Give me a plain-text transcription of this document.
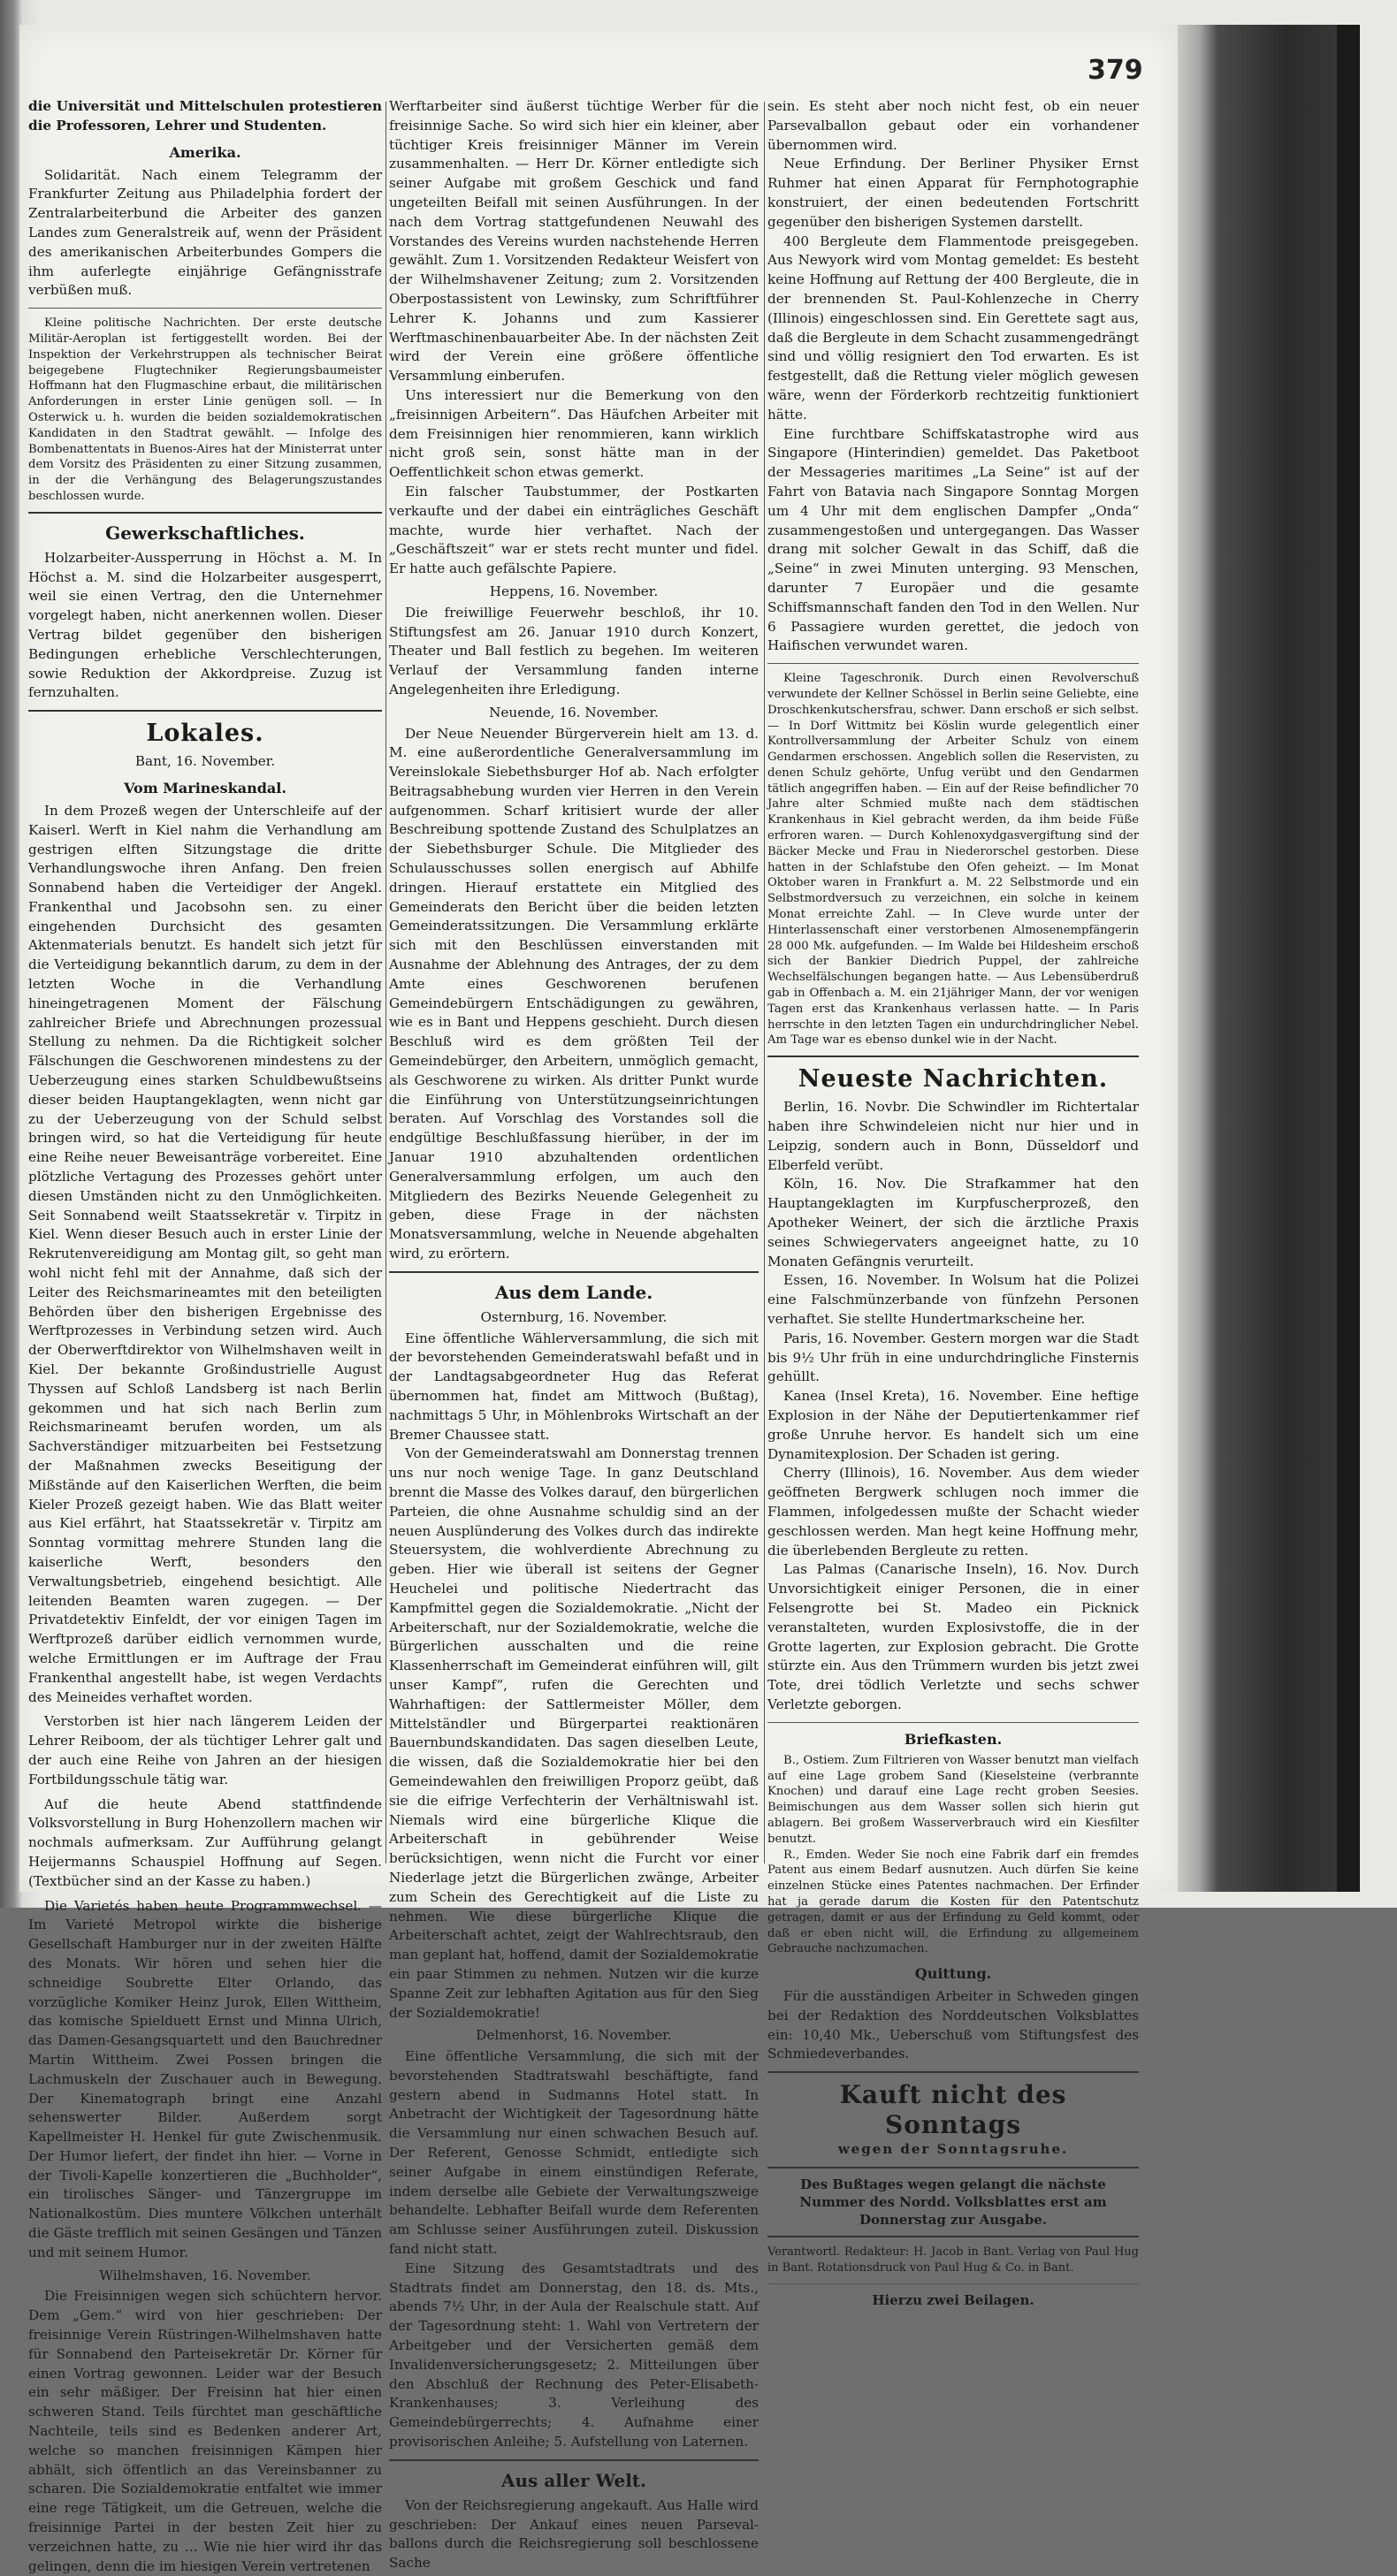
379

die Universität und Mittelschulen protestieren die Professoren, Lehrer und Studenten.

Amerika.

Solidarität. Nach einem Telegramm der Frankfurter Zeitung aus Philadelphia fordert der Zentralarbeiterbund die Arbeiter des ganzen Landes zum Generalstreik auf, wenn der Präsident des amerikanischen Arbeiterbundes Gompers die ihm auferlegte einjährige Gefängnisstrafe verbüßen muß.

Kleine politische Nachrichten. Der erste deutsche Militär-Aeroplan ist fertiggestellt worden. Bei der Inspektion der Verkehrstruppen als technischer Beirat beigegebene Flugtechniker Regierungsbaumeister Hoffmann hat den Flugmaschine erbaut, die militärischen Anforderungen in erster Linie genügen soll. — In Osterwick u. h. wurden die beiden sozialdemokratischen Kandidaten in den Stadtrat gewählt. — Infolge des Bombenattentats in Buenos-Aires hat der Ministerrat unter dem Vorsitz des Präsidenten zu einer Sitzung zusammen, in der die Verhängung des Belagerungszustandes beschlossen wurde.

Gewerkschaftliches.

Holzarbeiter-Aussperrung in Höchst a. M. In Höchst a. M. sind die Holzarbeiter ausgesperrt, weil sie einen Vertrag, den die Unternehmer vorgelegt haben, nicht anerkennen wollen. Dieser Vertrag bildet gegenüber den bisherigen Bedingungen erhebliche Verschlechterungen, sowie Reduktion der Akkordpreise. Zuzug ist fernzuhalten.

Lokales.
Bant, 16. November.
Vom Marineskandal.

In dem Prozeß wegen der Unterschleife auf der Kaiserl. Werft in Kiel nahm die Verhandlung am gestrigen elften Sitzungstage die dritte Verhandlungswoche ihren Anfang. Den freien Sonnabend haben die Verteidiger der Angekl. Frankenthal und Jacobsohn sen. zu einer eingehenden Durchsicht des gesamten Aktenmaterials benutzt. Es handelt sich jetzt für die Verteidigung bekanntlich darum, zu dem in der letzten Woche in die Verhandlung hineingetragenen Moment der Fälschung zahlreicher Briefe und Abrechnungen prozessual Stellung zu nehmen. Da die Richtigkeit solcher Fälschungen die Geschworenen mindestens zu der Ueberzeugung eines starken Schuldbewußtseins dieser beiden Hauptangeklagten, wenn nicht gar zu der Ueberzeugung von der Schuld selbst bringen wird, so hat die Verteidigung für heute eine Reihe neuer Beweisanträge vorbereitet. Eine plötzliche Vertagung des Prozesses gehört unter diesen Umständen nicht zu den Unmöglichkeiten. Seit Sonnabend weilt Staatssekretär v. Tirpitz in Kiel. Wenn dieser Besuch auch in erster Linie der Rekrutenvereidigung am Montag gilt, so geht man wohl nicht fehl mit der Annahme, daß sich der Leiter des Reichsmarineamtes mit den beteiligten Behörden über den bisherigen Ergebnisse des Werftprozesses in Verbindung setzen wird. Auch der Oberwerftdirektor von Wilhelmshaven weilt in Kiel. Der bekannte Großindustrielle August Thyssen auf Schloß Landsberg ist nach Berlin gekommen und hat sich nach Berlin zum Reichsmarineamt berufen worden, um als Sachverständiger mitzuarbeiten bei Festsetzung der Maßnahmen zwecks Beseitigung der Mißstände auf den Kaiserlichen Werften, die beim Kieler Prozeß gezeigt haben. Wie das Blatt weiter aus Kiel erfährt, hat Staatssekretär v. Tirpitz am Sonntag vormittag mehrere Stunden lang die kaiserliche Werft, besonders den Verwaltungsbetrieb, eingehend besichtigt. Alle leitenden Beamten waren zugegen. — Der Privatdetektiv Einfeldt, der vor einigen Tagen im Werftprozeß darüber eidlich vernommen wurde, welche Ermittlungen er im Auftrage der Frau Frankenthal angestellt habe, ist wegen Verdachts des Meineides verhaftet worden.

Verstorben ist hier nach längerem Leiden der Lehrer Reiboom, der als tüchtiger Lehrer galt und der auch eine Reihe von Jahren an der hiesigen Fortbildungsschule tätig war.

Auf die heute Abend stattfindende Volksvorstellung in Burg Hohenzollern machen wir nochmals aufmerksam. Zur Aufführung gelangt Heijermanns Schauspiel Hoffnung auf Segen. (Textbücher sind an der Kasse zu haben.)

Die Varietés haben heute Programmwechsel. — Im Varieté Metropol wirkte die bisherige Gesellschaft Hamburger nur in der zweiten Hälfte des Monats. Wir hören und sehen hier die schneidige Soubrette Elter Orlando, das vorzügliche Komiker Heinz Jurok, Ellen Wittheim, das komische Spielduett Ernst und Minna Ulrich, das Damen-Gesangsquartett und den Bauchredner Martin Wittheim. Zwei Possen bringen die Lachmuskeln der Zuschauer auch in Bewegung. Der Kinematograph bringt eine Anzahl sehenswerter Bilder. Außerdem sorgt Kapellmeister H. Henkel für gute Zwischenmusik. Der Humor liefert, der findet ihn hier. — Vorne in der Tivoli-Kapelle konzertieren die „Buchholder“, ein tirolisches Sänger- und Tänzergruppe im Nationalkostüm. Dies muntere Völkchen unterhält die Gäste trefflich mit seinen Gesängen und Tänzen und mit seinem Humor.

Wilhelmshaven, 16. November.

Die Freisinnigen wegen sich schüchtern hervor. Dem „Gem.“ wird von hier geschrieben: Der freisinnige Verein Rüstringen-Wilhelmshaven hatte für Sonnabend den Parteisekretär Dr. Körner für einen Vortrag gewonnen. Leider war der Besuch ein sehr mäßiger. Der Freisinn hat hier einen schweren Stand. Teils fürchtet man geschäftliche Nachteile, teils sind es Bedenken anderer Art, welche so manchen freisinnigen Kämpen hier abhält, sich öffentlich an das Vereinsbanner zu scharen. Die Sozialdemokratie entfaltet wie immer eine rege Tätigkeit, um die Getreuen, welche die freisinnige Partei in der besten Zeit hier zu verzeichnen hatte, zu ... Wie nie hier wird ihr das gelingen, denn die im hiesigen Verein vertretenen

Werftarbeiter sind äußerst tüchtige Werber für die freisinnige Sache. So wird sich hier ein kleiner, aber tüchtiger Kreis freisinniger Männer im Verein zusammenhalten. — Herr Dr. Körner entledigte sich seiner Aufgabe mit großem Geschick und fand ungeteilten Beifall mit seinen Ausführungen. In der nach dem Vortrag stattgefundenen Neuwahl des Vorstandes des Vereins wurden nachstehende Herren gewählt. Zum 1. Vorsitzenden Redakteur Weisfert von der Wilhelmshavener Zeitung; zum 2. Vorsitzenden Oberpostassistent von Lewinsky, zum Schriftführer Lehrer K. Johanns und zum Kassierer Werftmaschinenbauarbeiter Abe. In der nächsten Zeit wird der Verein eine größere öffentliche Versammlung einberufen.

Uns interessiert nur die Bemerkung von den „freisinnigen Arbeitern“. Das Häufchen Arbeiter mit dem Freisinnigen hier renommieren, kann wirklich nicht groß sein, sonst hätte man in der Oeffentlichkeit schon etwas gemerkt.

Ein falscher Taubstummer, der Postkarten verkaufte und der dabei ein einträgliches Geschäft machte, wurde hier verhaftet. Nach der „Geschäftszeit“ war er stets recht munter und fidel. Er hatte auch gefälschte Papiere.

Heppens, 16. November.

Die freiwillige Feuerwehr beschloß, ihr 10. Stiftungsfest am 26. Januar 1910 durch Konzert, Theater und Ball festlich zu begehen. Im weiteren Verlauf der Versammlung fanden interne Angelegenheiten ihre Erledigung.

Neuende, 16. November.

Der Neue Neuender Bürgerverein hielt am 13. d. M. eine außerordentliche Generalversammlung im Vereinslokale Siebethsburger Hof ab. Nach erfolgter Beitragsabhebung wurden vier Herren in den Verein aufgenommen. Scharf kritisiert wurde der aller Beschreibung spottende Zustand des Schulplatzes an der Siebethsburger Schule. Die Mitglieder des Schulausschusses sollen energisch auf Abhilfe dringen. Hierauf erstattete ein Mitglied des Gemeinderats den Bericht über die beiden letzten Gemeinderatssitzungen. Die Versammlung erklärte sich mit den Beschlüssen einverstanden mit Ausnahme der Ablehnung des Antrages, der zu dem Amte eines Geschworenen berufenen Gemeindebürgern Entschädigungen zu gewähren, wie es in Bant und Heppens geschieht. Durch diesen Beschluß wird es dem größten Teil der Gemeindebürger, den Arbeitern, unmöglich gemacht, als Geschworene zu wirken. Als dritter Punkt wurde die Einführung von Unterstützungseinrichtungen beraten. Auf Vorschlag des Vorstandes soll die endgültige Beschlußfassung hierüber, in der im Januar 1910 abzuhaltenden ordentlichen Generalversammlung erfolgen, um auch den Mitgliedern des Bezirks Neuende Gelegenheit zu geben, diese Frage in der nächsten Monatsversammlung, welche in Neuende abgehalten wird, zu erörtern.

Aus dem Lande.
Osternburg, 16. November.

Eine öffentliche Wählerversammlung, die sich mit der bevorstehenden Gemeinderatswahl befaßt und in der Landtagsabgeordneter Hug das Referat übernommen hat, findet am Mittwoch (Bußtag), nachmittags 5 Uhr, in Möhlenbroks Wirtschaft an der Bremer Chaussee statt.

Von der Gemeinderatswahl am Donnerstag trennen uns nur noch wenige Tage. In ganz Deutschland brennt die Masse des Volkes darauf, den bürgerlichen Parteien, die ohne Ausnahme schuldig sind an der neuen Ausplünderung des Volkes durch das indirekte Steuersystem, die wohlverdiente Abrechnung zu geben. Hier wie überall ist seitens der Gegner Heuchelei und politische Niedertracht das Kampfmittel gegen die Sozialdemokratie. „Nicht der Arbeiterschaft, nur der Sozialdemokratie, welche die Bürgerlichen ausschalten und die reine Klassenherrschaft im Gemeinderat einführen will, gilt unser Kampf“, rufen die Gerechten und Wahrhaftigen: der Sattlermeister Möller, dem Mittelständler und Bürgerpartei reaktionären Bauernbundskandidaten. Das sagen dieselben Leute, die wissen, daß die Sozialdemokratie hier bei den Gemeindewahlen den freiwilligen Proporz geübt, daß sie die eifrige Verfechterin der Verhältniswahl ist. Niemals wird eine bürgerliche Klique die Arbeiterschaft in gebührender Weise berücksichtigen, wenn nicht die Furcht vor einer Niederlage jetzt die Bürgerlichen zwänge, Arbeiter zum Schein des Gerechtigkeit auf die Liste zu nehmen. Wie diese bürgerliche Klique die Arbeiterschaft achtet, zeigt der Wahlrechtsraub, den man geplant hat, hoffend, damit der Sozialdemokratie ein paar Stimmen zu nehmen. Nutzen wir die kurze Spanne Zeit zur lebhaften Agitation aus für den Sieg der Sozialdemokratie!

Delmenhorst, 16. November.

Eine öffentliche Versammlung, die sich mit der bevorstehenden Stadtratswahl beschäftigte, fand gestern abend in Sudmanns Hotel statt. In Anbetracht der Wichtigkeit der Tagesordnung hätte die Versammlung nur einen schwachen Besuch auf. Der Referent, Genosse Schmidt, entledigte sich seiner Aufgabe in einem einstündigen Referate, indem derselbe alle Gebiete der Verwaltungszweige behandelte. Lebhafter Beifall wurde dem Referenten am Schlusse seiner Ausführungen zuteil. Diskussion fand nicht statt.

Eine Sitzung des Gesamtstadtrats und des Stadtrats findet am Donnerstag, den 18. ds. Mts., abends 7½ Uhr, in der Aula der Realschule statt. Auf der Tagesordnung steht: 1. Wahl von Vertretern der Arbeitgeber und der Versicherten gemäß dem Invalidenversicherungsgesetz; 2. Mitteilungen über den Abschluß der Rechnung des Peter-Elisabeth-Krankenhauses; 3. Verleihung des Gemeindebürgerrechts; 4. Aufnahme einer provisorischen Anleihe; 5. Aufstellung von Laternen.

Aus aller Welt.

Von der Reichsregierung angekauft. Aus Halle wird geschrieben: Der Ankauf eines neuen Parseval-ballons durch die Reichsregierung soll beschlossene Sache

sein. Es steht aber noch nicht fest, ob ein neuer Parsevalballon gebaut oder ein vorhandener übernommen wird.

Neue Erfindung. Der Berliner Physiker Ernst Ruhmer hat einen Apparat für Fernphotographie konstruiert, der einen bedeutenden Fortschritt gegenüber den bisherigen Systemen darstellt.

400 Bergleute dem Flammentode preisgegeben. Aus Newyork wird vom Montag gemeldet: Es besteht keine Hoffnung auf Rettung der 400 Bergleute, die in der brennenden St. Paul-Kohlenzeche in Cherry (Illinois) eingeschlossen sind. Ein Gerettete sagt aus, daß die Bergleute in dem Schacht zusammengedrängt sind und völlig resigniert den Tod erwarten. Es ist festgestellt, daß die Rettung vieler möglich gewesen wäre, wenn der Förderkorb rechtzeitig funktioniert hätte.

Eine furchtbare Schiffskatastrophe wird aus Singapore (Hinterindien) gemeldet. Das Paketboot der Messageries maritimes „La Seine“ ist auf der Fahrt von Batavia nach Singapore Sonntag Morgen um 4 Uhr mit dem englischen Dampfer „Onda“ zusammengestoßen und untergegangen. Das Wasser drang mit solcher Gewalt in das Schiff, daß die „Seine“ in zwei Minuten unterging. 93 Menschen, darunter 7 Europäer und die gesamte Schiffsmannschaft fanden den Tod in den Wellen. Nur 6 Passagiere wurden gerettet, die jedoch von Haifischen verwundet waren.

Kleine Tageschronik. Durch einen Revolverschuß verwundete der Kellner Schössel in Berlin seine Geliebte, eine Droschkenkutschersfrau, schwer. Dann erschoß er sich selbst. — In Dorf Wittmitz bei Köslin wurde gelegentlich einer Kontrollversammlung der Arbeiter Schulz von einem Gendarmen erschossen. Angeblich sollen die Reservisten, zu denen Schulz gehörte, Unfug verübt und den Gendarmen tätlich angegriffen haben. — Ein auf der Reise befindlicher 70 Jahre alter Schmied mußte nach dem städtischen Krankenhaus in Kiel gebracht werden, da ihm beide Füße erfroren waren. — Durch Kohlenoxydgasvergiftung sind der Bäcker Mecke und Frau in Niederorschel gestorben. Diese hatten in der Schlafstube den Ofen geheizt. — Im Monat Oktober waren in Frankfurt a. M. 22 Selbstmorde und ein Selbstmordversuch zu verzeichnen, ein solche in keinem Monat erreichte Zahl. — In Cleve wurde unter der Hinterlassenschaft einer verstorbenen Almosenempfängerin 28 000 Mk. aufgefunden. — Im Walde bei Hildesheim erschoß sich der Bankier Diedrich Puppel, der zahlreiche Wechselfälschungen begangen hatte. — Aus Lebensüberdruß gab in Offenbach a. M. ein 21jähriger Mann, der vor wenigen Tagen erst das Krankenhaus verlassen hatte. — In Paris herrschte in den letzten Tagen ein undurchdringlicher Nebel. Am Tage war es ebenso dunkel wie in der Nacht.

Neueste Nachrichten.

Berlin, 16. Novbr. Die Schwindler im Richtertalar haben ihre Schwindeleien nicht nur hier und in Leipzig, sondern auch in Bonn, Düsseldorf und Elberfeld verübt.

Köln, 16. Nov. Die Strafkammer hat den Hauptangeklagten im Kurpfuscherprozeß, den Apotheker Weinert, der sich die ärztliche Praxis seines Schwiegervaters angeeignet hatte, zu 10 Monaten Gefängnis verurteilt.

Essen, 16. November. In Wolsum hat die Polizei eine Falschmünzerbande von fünfzehn Personen verhaftet. Sie stellte Hundertmarkscheine her.

Paris, 16. November. Gestern morgen war die Stadt bis 9½ Uhr früh in eine undurchdringliche Finsternis gehüllt.

Kanea (Insel Kreta), 16. November. Eine heftige Explosion in der Nähe der Deputiertenkammer rief große Unruhe hervor. Es handelt sich um eine Dynamitexplosion. Der Schaden ist gering.

Cherry (Illinois), 16. November. Aus dem wieder geöffneten Bergwerk schlugen noch immer die Flammen, infolgedessen mußte der Schacht wieder geschlossen werden. Man hegt keine Hoffnung mehr, die überlebenden Bergleute zu retten.

Las Palmas (Canarische Inseln), 16. Nov. Durch Unvorsichtigkeit einiger Personen, die in einer Felsengrotte bei St. Madeo ein Picknick veranstalteten, wurden Explosivstoffe, die in der Grotte lagerten, zur Explosion gebracht. Die Grotte stürzte ein. Aus den Trümmern wurden bis jetzt zwei Tote, drei tödlich Verletzte und sechs schwer Verletzte geborgen.

Briefkasten.

B., Ostiem. Zum Filtrieren von Wasser benutzt man vielfach auf eine Lage grobem Sand (Kieselsteine (verbrannte Knochen) und darauf eine Lage recht groben Seesies. Beimischungen aus dem Wasser sollen sich hierin gut ablagern. Bei großem Wasserverbrauch wird ein Kiesfilter benutzt.

R., Emden. Weder Sie noch eine Fabrik darf ein fremdes Patent aus einem Bedarf ausnutzen. Auch dürfen Sie keine einzelnen Stücke eines Patentes nachmachen. Der Erfinder hat ja gerade darum die Kosten für den Patentschutz getragen, damit er aus der Erfindung zu Geld kommt, oder daß er eben nicht will, die Erfindung zu allgemeinem Gebrauche nachzumachen.

Quittung.

Für die ausständigen Arbeiter in Schweden gingen bei der Redaktion des Norddeutschen Volksblattes ein: 10,40 Mk., Ueberschuß vom Stiftungsfest des Schmiedeverbandes.

Kauft nicht des Sonntags
wegen der Sonntagsruhe.
Des Bußtages wegen gelangt die nächste Nummer des Nordd. Volksblattes erst am Donnerstag zur Ausgabe.

Verantwortl. Redakteur: H. Jacob in Bant. Verlag von Paul Hug in Bant. Rotationsdruck von Paul Hug & Co. in Bant.

Hierzu zwei Beilagen.
